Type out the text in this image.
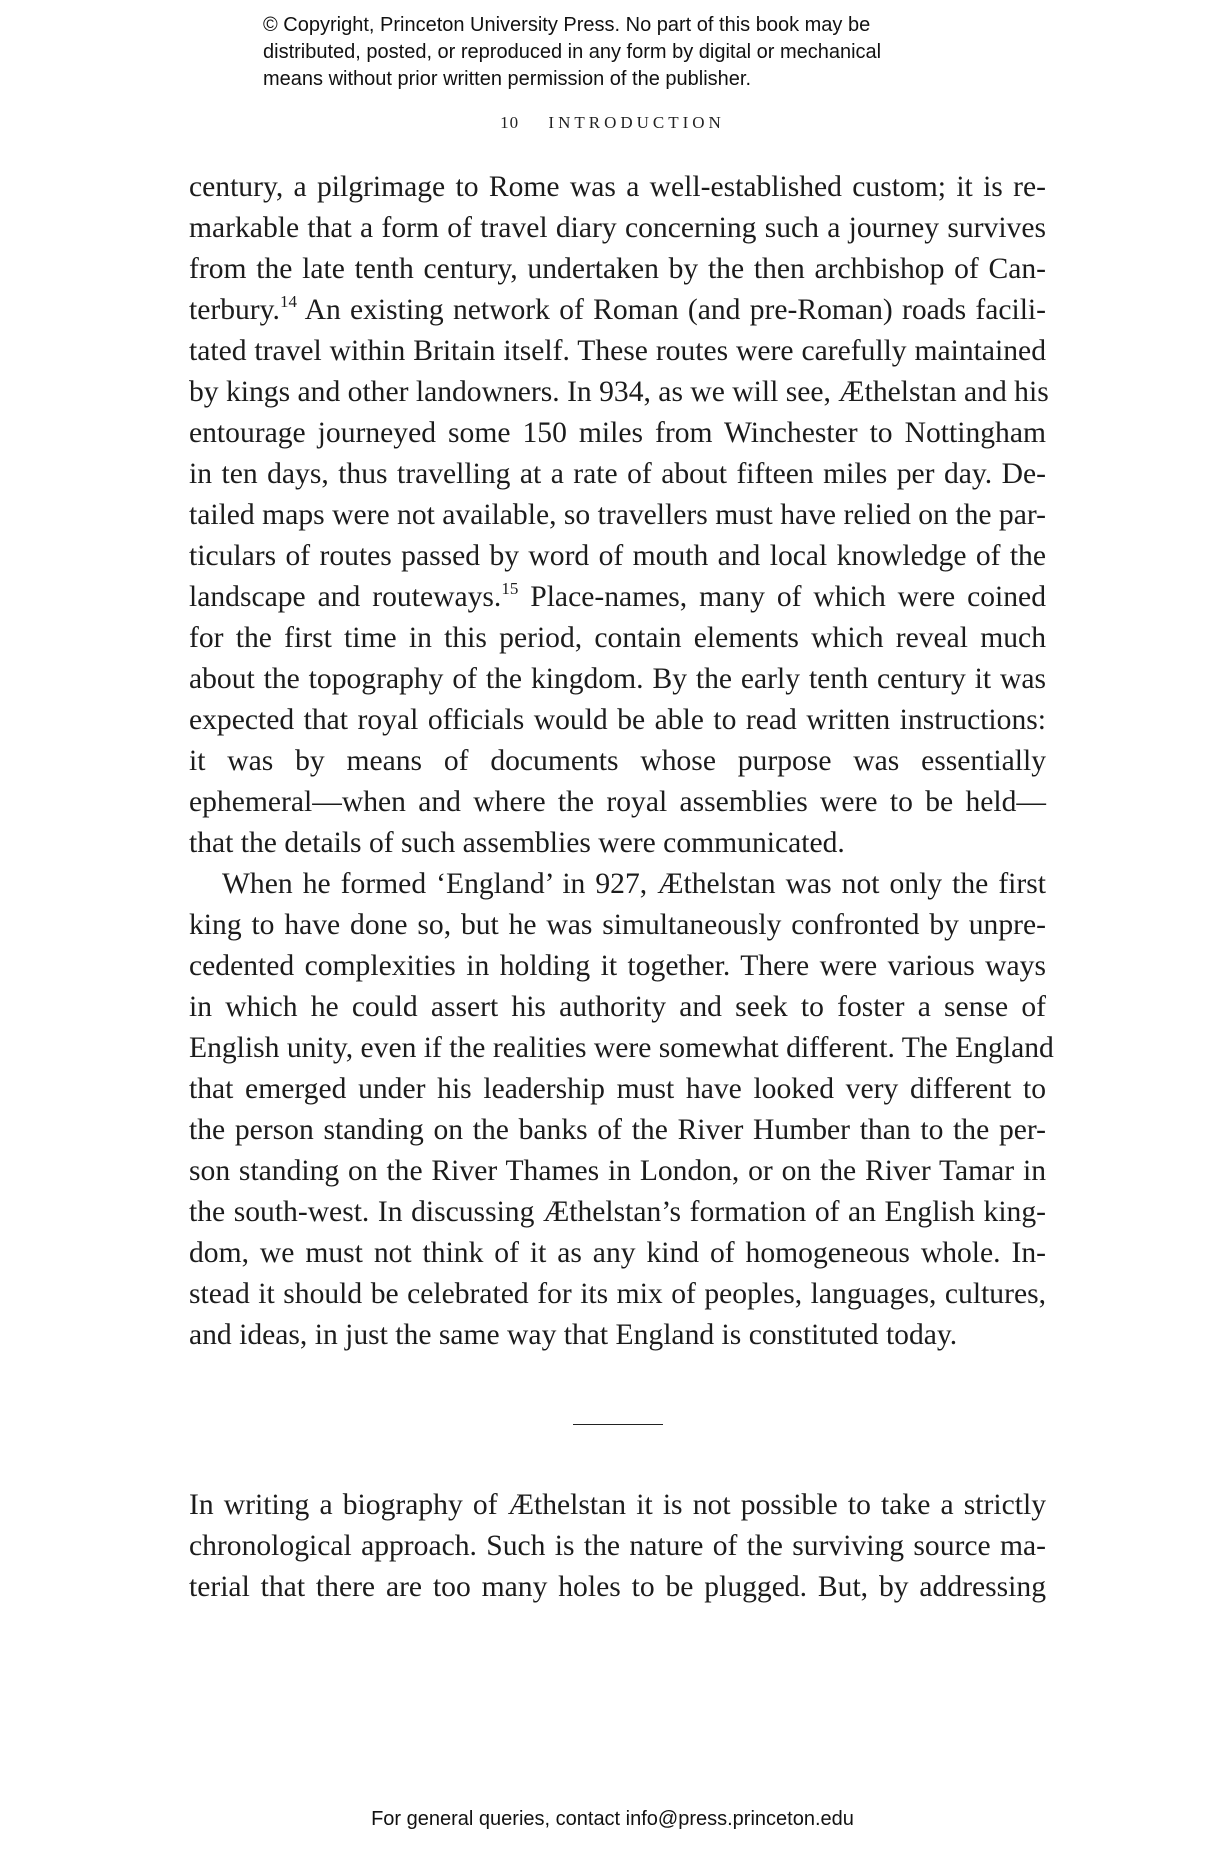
© Copyright, Princeton University Press. No part of this book may be
distributed, posted, or reproduced in any form by digital or mechanical
means without prior written permission of the publisher.
10 INTRODUCTION
century, a pilgrimage to Rome was a well-established custom; it is re-
markable that a form of travel diary concerning such a journey survives
from the late tenth century, undertaken by the then archbishop of Can-
terbury.$^{14}$ An existing network of Roman (and pre-Roman) roads facili-
tated travel within Britain itself. These routes were carefully maintained
by kings and other landowners. In 934, as we will see, Æthelstan and his
entourage journeyed some 150 miles from Winchester to Nottingham
in ten days, thus travelling at a rate of about fifteen miles per day. De-
tailed maps were not available, so travellers must have relied on the par-
ticulars of routes passed by word of mouth and local knowledge of the
landscape and routeways.$^{15}$ Place-names, many of which were coined
for the first time in this period, contain elements which reveal much
about the topography of the kingdom. By the early tenth century it was
expected that royal officials would be able to read written instructions:
it was by means of documents whose purpose was essentially
ephemeral—when and where the royal assemblies were to be held—
that the details of such assemblies were communicated.
When he formed ‘England’ in 927, Æthelstan was not only the first
king to have done so, but he was simultaneously confronted by unpre-
cedented complexities in holding it together. There were various ways
in which he could assert his authority and seek to foster a sense of
English unity, even if the realities were somewhat different. The England
that emerged under his leadership must have looked very different to
the person standing on the banks of the River Humber than to the per-
son standing on the River Thames in London, or on the River Tamar in
the south-west. In discussing Æthelstan’s formation of an English king-
dom, we must not think of it as any kind of homogeneous whole. In-
stead it should be celebrated for its mix of peoples, languages, cultures,
and ideas, in just the same way that England is constituted today.
In writing a biography of Æthelstan it is not possible to take a strictly
chronological approach. Such is the nature of the surviving source ma-
terial that there are too many holes to be plugged. But, by addressing
For general queries, contact info@press.princeton.edu
